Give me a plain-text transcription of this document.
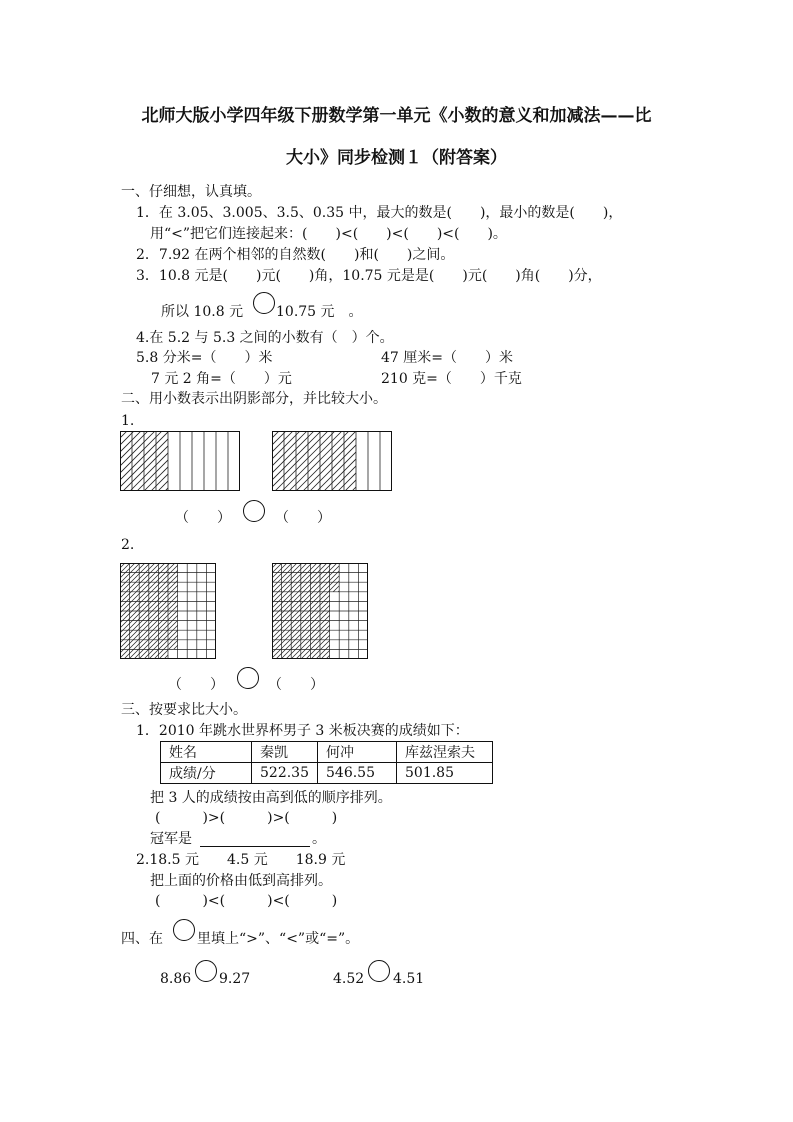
北师大版小学四年级下册数学第一单元《小数的意义和加减法——比
大小》同步检测１（附答案）
一、仔细想，认真填。
1．在 3.05、3.005、3.5、0.35 中，最大的数是(　　)，最小的数是(　　)，
用“<”把它们连接起来：(　　)<(　　)<(　　)<(　　)。
2．7.92 在两个相邻的自然数(　　)和(　　)之间。
3．10.8 元是(　　)元(　　)角，10.75 元是是(　　)元(　　)角(　　)分，
所以 10.8 元 10.75 元　。
4.在 5.2 与 5.3 之间的小数有（　）个。
5.8 分米=（　　）米	47 厘米=（　　）米
7 元 2 角=（　　）元	210 克=（　　）千克
二、用小数表示出阴影部分，并比较大小。
1.
（　　）	（　　）
2.
（　　）	（　　）
三、按要求比大小。
1．2010 年跳水世界杯男子 3 米板决赛的成绩如下：
姓名	秦凯	何冲	库兹涅索夫
成绩/分	522.35	546.55	501.85
把 3 人的成绩按由高到低的顺序排列。
(　　　)>(　　　)>(　　　)
冠军是	。
2.18.5 元　　4.5 元　　18.9 元
把上面的价格由低到高排列。
(　　　)<(　　　)<(　　　)
四、在 里填上“>”、“<”或“=”。
8.86 9.27	4.52 4.51
